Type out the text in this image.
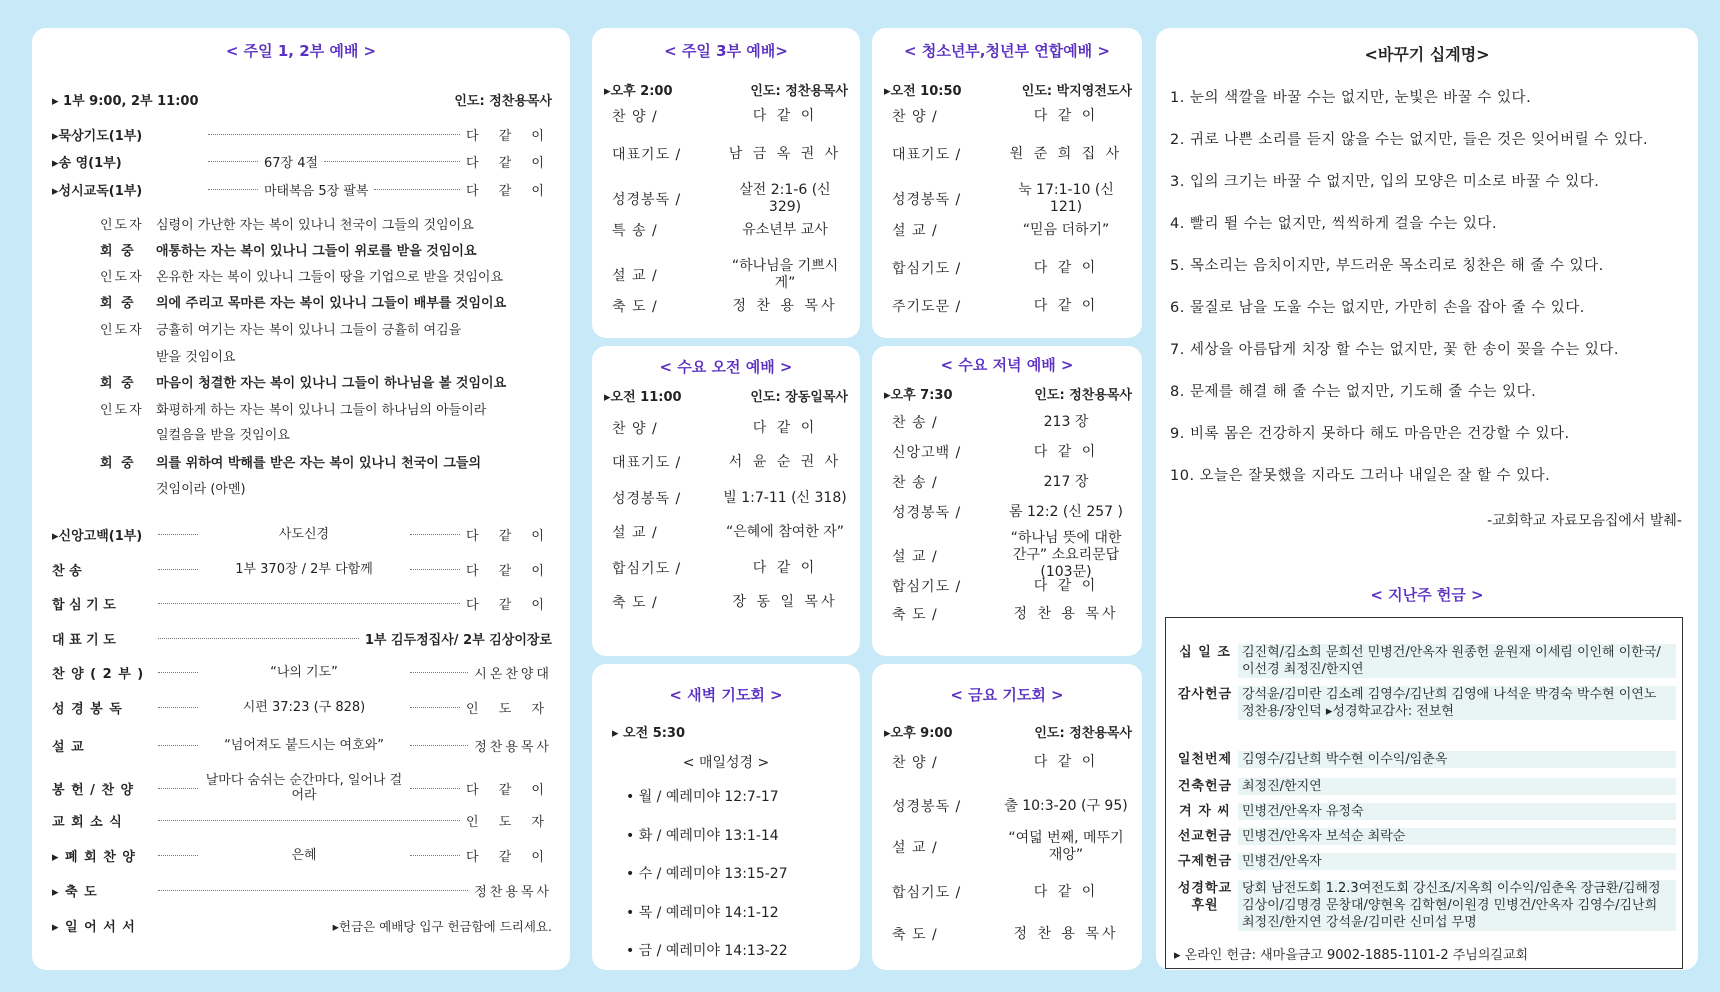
< 주일 1, 2부 예배 >
▸ 1부 9:00, 2부 11:00	인도: 정찬용목사
▸묵상기도(1부)	다 같 이
▸송 영(1부)	67장 4절	다 같 이
▸성시교독(1부)	마태복음 5장 팔복	다 같 이
인도자 심령이 가난한 자는 복이 있나니 천국이 그들의 것임이요
회 중 애통하는 자는 복이 있나니 그들이 위로를 받을 것임이요
인도자 온유한 자는 복이 있나니 그들이 땅을 기업으로 받을 것임이요
회 중 의에 주리고 목마른 자는 복이 있나니 그들이 배부를 것임이요
인도자 긍휼히 여기는 자는 복이 있나니 그들이 긍휼히 여김을
받을 것임이요
회 중 마음이 청결한 자는 복이 있나니 그들이 하나님을 볼 것임이요
인도자 화평하게 하는 자는 복이 있나니 그들이 하나님의 아들이라
일컬음을 받을 것임이요
회 중 의를 위하여 박해를 받은 자는 복이 있나니 천국이 그들의
것임이라 (아멘)
▸신앙고백(1부)	사도신경	다 같 이
찬 송	1부 370장 / 2부 다함께	다 같 이
합 심 기 도	다 같 이
대 표 기 도	1부 김두정집사/ 2부 김상이장로
찬 양 ( 2 부 )	“나의 기도”	시온찬양대
성 경 봉 독	시편 37:23 (구 828)	인 도 자
설 교	“넘어져도 붙드시는 여호와”	정찬용목사
봉 헌 / 찬 양
날마다 숨쉬는 순간마다, 일어나 걸어라	다 같 이
교 회 소 식	인 도 자
▸ 폐 회 찬 양	은혜	다 같 이
▸ 축 도	정찬용목사
▸ 일 어 서 서	▸헌금은 예배당 입구 헌금함에 드리세요.
< 주일 3부 예배>
▸오후 2:00	인도: 정찬용목사
찬 양 /	다 같 이
대표기도 /	남 금 옥 권 사
성경봉독 /
살전 2:1-6 (신 329)
특 송 /	유소년부 교사
설 교 /
“하나님을 기쁘시게”
축 도 /	정 찬 용 목사
< 청소년부,청년부 연합예배 >
▸오전 10:50	인도: 박지영전도사
찬 양 /	다 같 이
대표기도 /	원 준 희 집 사
성경봉독 /
눅 17:1-10 (신 121)
설 교 /	“믿음 더하기”
합심기도 /	다 같 이
주기도문 /	다 같 이
< 수요 오전 예배 >
▸오전 11:00	인도: 장동일목사
찬 양 /	다 같 이
대표기도 /	서 윤 순 권 사
성경봉독 /	빌 1:7-11 (신 318)
설 교 /	“은혜에 참여한 자”
합심기도 /	다 같 이
축 도 /	장 동 일 목사
< 수요 저녁 예배 >
▸오후 7:30	인도: 정찬용목사
찬 송 /	213 장
신앙고백 /	다 같 이
찬 송 /	217 장
성경봉독 /	롬 12:2 (신 257 )
설 교 /
“하나님 뜻에 대한 간구” 소요리문답 (103문)
합심기도 /	다 같 이
축 도 /	정 찬 용 목사
< 새벽 기도회 >
▸ 오전 5:30
< 매일성경 >
• 월 / 예레미야 12:7-17
• 화 / 예레미야 13:1-14
• 수 / 예레미야 13:15-27
• 목 / 예레미야 14:1-12
• 금 / 예레미야 14:13-22
< 금요 기도회 >
▸오후 9:00	인도: 정찬용목사
찬 양 /	다 같 이
성경봉독 /	출 10:3-20 (구 95)
설 교 /
“여덟 번째, 메뚜기 재앙”
합심기도 /	다 같 이
축 도 /	정 찬 용 목사
<바꾸기 십계명>
1. 눈의 색깔을 바꿀 수는 없지만, 눈빛은 바꿀 수 있다.
2. 귀로 나쁜 소리를 듣지 않을 수는 없지만, 들은 것은 잊어버릴 수 있다.
3. 입의 크기는 바꿀 수 없지만, 입의 모양은 미소로 바꿀 수 있다.
4. 빨리 뛸 수는 없지만, 씩씩하게 걸을 수는 있다.
5. 목소리는 음치이지만, 부드러운 목소리로 칭찬은 해 줄 수 있다.
6. 물질로 남을 도울 수는 없지만, 가만히 손을 잡아 줄 수 있다.
7. 세상을 아름답게 치장 할 수는 없지만, 꽃 한 송이 꽂을 수는 있다.
8. 문제를 해결 해 줄 수는 없지만, 기도해 줄 수는 있다.
9. 비록 몸은 건강하지 못하다 해도 마음만은 건강할 수 있다.
10. 오늘은 잘못했을 지라도 그러나 내일은 잘 할 수 있다.
-교회학교 자료모음집에서 발췌-
< 지난주 헌금 >
십 일 조 김진혁/김소희 문희선 민병건/안옥자 원종헌 윤원재 이세림 이인해 이한국/이선경 최정진/한지연
감사헌금 강석윤/김미란 김소례 김영수/김난희 김영애 나석운 박경숙 박수현 이연노 정찬용/장인덕 ▸성경학교감사: 전보현
일천번제 김영수/김난희 박수현 이수익/임춘옥
건축헌금 최정진/한지연
겨 자 씨 민병건/안옥자 유정숙
선교헌금 민병건/안옥자 보석순 최락순
구제헌금 민병건/안옥자
성경학교 후원
당회 남전도회 1.2.3여전도회 강신조/지옥희 이수익/임춘옥 장금환/김해정 김상이/김명경 문창대/양현옥 김학현/이원경 민병건/안옥자 김영수/김난희 최정진/한지연 강석윤/김미란 신미섭 무명
▸ 온라인 헌금: 새마을금고 9002-1885-1101-2 주님의길교회
